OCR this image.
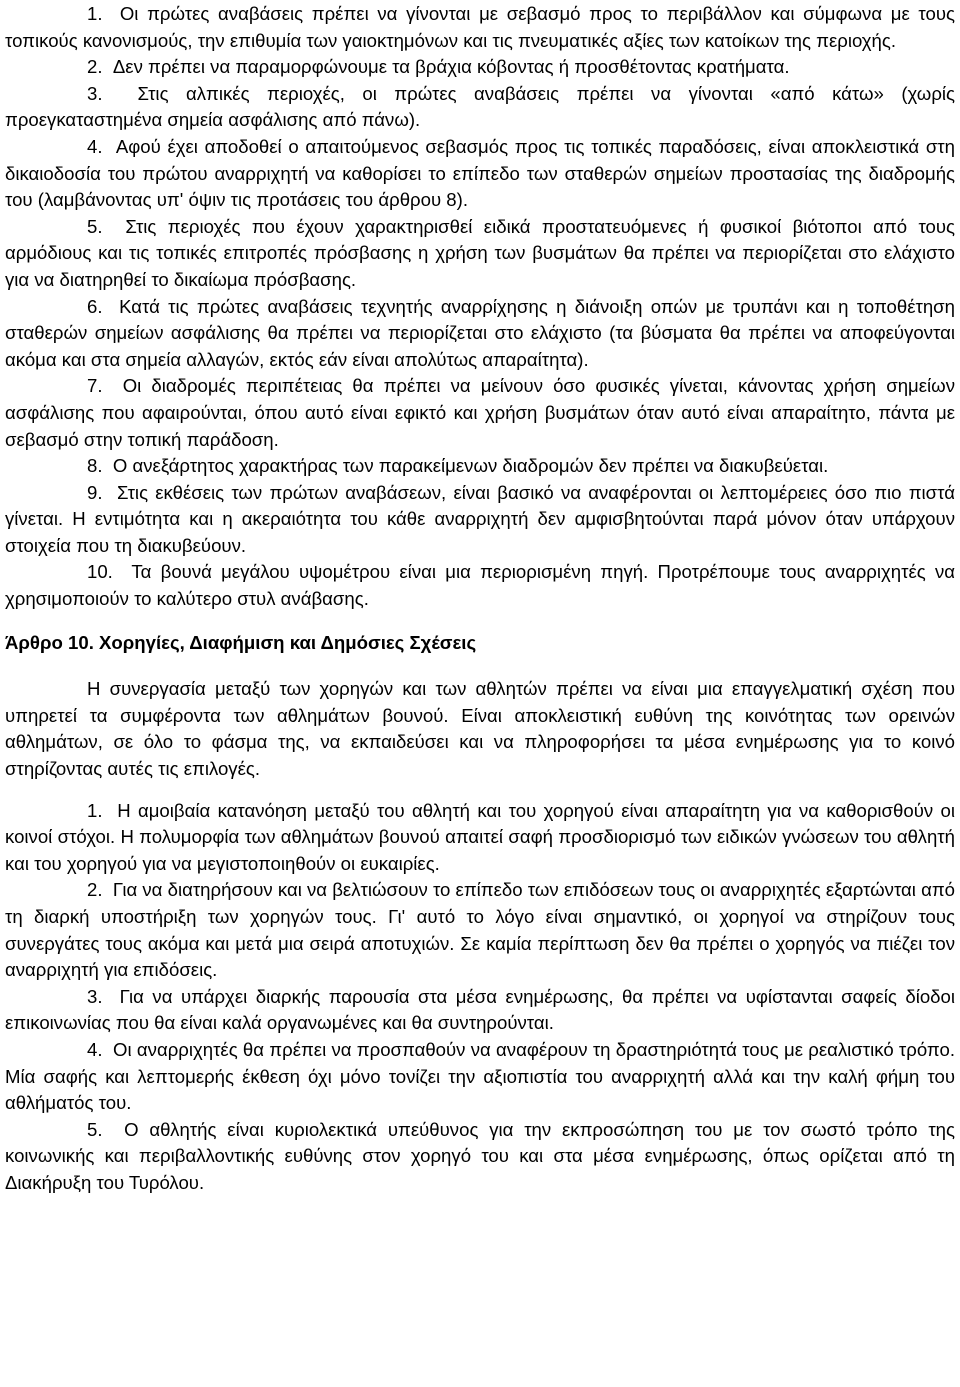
1. Οι πρώτες αναβάσεις πρέπει να γίνονται με σεβασμό προς το περιβάλλον και σύμφωνα με τους τοπικούς κανονισμούς, την επιθυμία των γαιοκτημόνων και τις πνευματικές αξίες των κατοίκων της περιοχής.

2. Δεν πρέπει να παραμορφώνουμε τα βράχια κόβοντας ή προσθέτοντας κρατήματα.

3. Στις αλπικές περιοχές, οι πρώτες αναβάσεις πρέπει να γίνονται «από κάτω» (χωρίς προεγκαταστημένα σημεία ασφάλισης από πάνω).

4. Αφού έχει αποδοθεί ο απαιτούμενος σεβασμός προς τις τοπικές παραδόσεις, είναι αποκλειστικά στη δικαιοδοσία του πρώτου αναρριχητή να καθορίσει το επίπεδο των σταθερών σημείων προστασίας της διαδρομής του (λαμβάνοντας υπ' όψιν τις προτάσεις του άρθρου 8).

5. Στις περιοχές που έχουν χαρακτηρισθεί ειδικά προστατευόμενες ή φυσικοί βιότοποι από τους αρμόδιους και τις τοπικές επιτροπές πρόσβασης η χρήση των βυσμάτων θα πρέπει να περιορίζεται στο ελάχιστο για να διατηρηθεί το δικαίωμα πρόσβασης.

6. Κατά τις πρώτες αναβάσεις τεχνητής αναρρίχησης η διάνοιξη οπών με τρυπάνι και η τοποθέτηση σταθερών σημείων ασφάλισης θα πρέπει να περιορίζεται στο ελάχιστο (τα βύσματα θα πρέπει να αποφεύγονται ακόμα και στα σημεία αλλαγών, εκτός εάν είναι απολύτως απαραίτητα).

7. Οι διαδρομές περιπέτειας θα πρέπει να μείνουν όσο φυσικές γίνεται, κάνοντας χρήση σημείων ασφάλισης που αφαιρούνται, όπου αυτό είναι εφικτό και χρήση βυσμάτων όταν αυτό είναι απαραίτητο, πάντα με σεβασμό στην τοπική παράδοση.

8. Ο ανεξάρτητος χαρακτήρας των παρακείμενων διαδρομών δεν πρέπει να διακυβεύεται.

9. Στις εκθέσεις των πρώτων αναβάσεων, είναι βασικό να αναφέρονται οι λεπτομέρειες όσο πιο πιστά γίνεται. Η εντιμότητα και η ακεραιότητα του κάθε αναρριχητή δεν αμφισβητούνται παρά μόνον όταν υπάρχουν στοιχεία που τη διακυβεύουν.

10. Τα βουνά μεγάλου υψομέτρου είναι μια περιορισμένη πηγή. Προτρέπουμε τους αναρριχητές να χρησιμοποιούν το καλύτερο στυλ ανάβασης.

Άρθρο 10. Χορηγίες, Διαφήμιση και Δημόσιες Σχέσεις

Η συνεργασία μεταξύ των χορηγών και των αθλητών πρέπει να είναι μια επαγγελματική σχέση που υπηρετεί τα συμφέροντα των αθλημάτων βουνού. Είναι αποκλειστική ευθύνη της κοινότητας των ορεινών αθλημάτων, σε όλο το φάσμα της, να εκπαιδεύσει και να πληροφορήσει τα μέσα ενημέρωσης για το κοινό στηρίζοντας αυτές τις επιλογές.

1. Η αμοιβαία κατανόηση μεταξύ του αθλητή και του χορηγού είναι απαραίτητη για να καθορισθούν οι κοινοί στόχοι. Η πολυμορφία των αθλημάτων βουνού απαιτεί σαφή προσδιορισμό των ειδικών γνώσεων του αθλητή και του χορηγού για να μεγιστοποιηθούν οι ευκαιρίες.

2. Για να διατηρήσουν και να βελτιώσουν το επίπεδο των επιδόσεων τους οι αναρριχητές εξαρτώνται από τη διαρκή υποστήριξη των χορηγών τους. Γι' αυτό το λόγο είναι σημαντικό, οι χορηγοί να στηρίζουν τους συνεργάτες τους ακόμα και μετά μια σειρά αποτυχιών. Σε καμία περίπτωση δεν θα πρέπει ο χορηγός να πιέζει τον αναρριχητή για επιδόσεις.

3. Για να υπάρχει διαρκής παρουσία στα μέσα ενημέρωσης, θα πρέπει να υφίστανται σαφείς δίοδοι επικοινωνίας που θα είναι καλά οργανωμένες και θα συντηρούνται.

4. Οι αναρριχητές θα πρέπει να προσπαθούν να αναφέρουν τη δραστηριότητά τους με ρεαλιστικό τρόπο. Μία σαφής και λεπτομερής έκθεση όχι μόνο τονίζει την αξιοπιστία του αναρριχητή αλλά και την καλή φήμη του αθλήματός του.

5. Ο αθλητής είναι κυριολεκτικά υπεύθυνος για την εκπροσώπηση του με τον σωστό τρόπο της κοινωνικής και περιβαλλοντικής ευθύνης στον χορηγό του και στα μέσα ενημέρωσης, όπως ορίζεται από τη Διακήρυξη του Τυρόλου.
